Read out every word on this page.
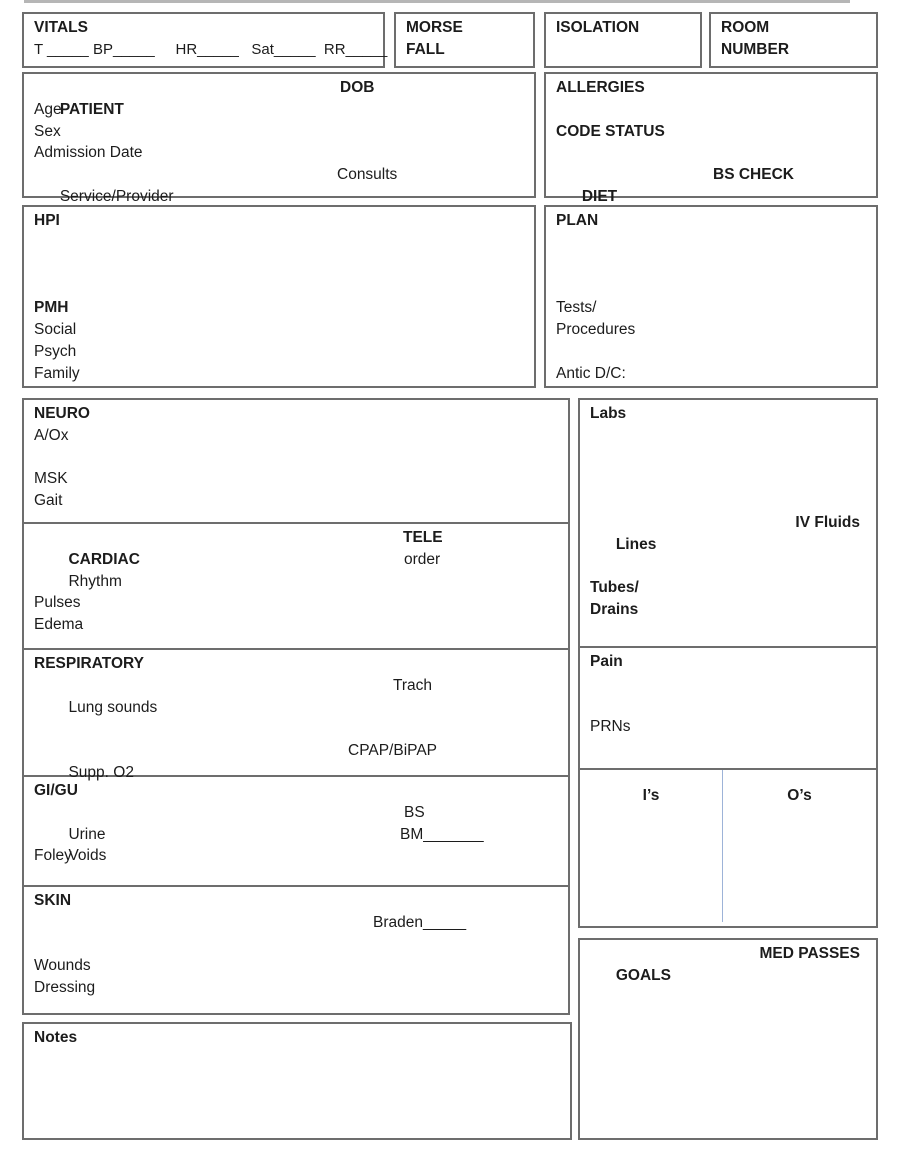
VITALS
T _____ BP_____     HR_____   Sat_____  RR_____
MORSE
FALL
ISOLATION	ROOM
NUMBER

PATIENT

DOB

Age
Sex
Admission Date

Service/Provider

Consults

ALLERGIES
CODE STATUS

DIET

BS CHECK

HPI
PMH
Social
Psych
Family
PLAN
Tests/
Procedures
Antic D/C:
NEURO
A/Ox
MSK
Gait

CARDIAC

TELE

Rhythm

order

Pulses
Edema
RESPIRATORY

Lung sounds

Trach

Supp. O2

CPAP/BiPAP

GI/GU

Urine

BS

Voids

BM_______

Foley
SKIN

Braden_____

Wounds
Dressing
Notes
Labs

Lines

IV Fluids

Tubes/
Drains
Pain
PRNs
I’s	O’s

GOALS

MED PASSES
